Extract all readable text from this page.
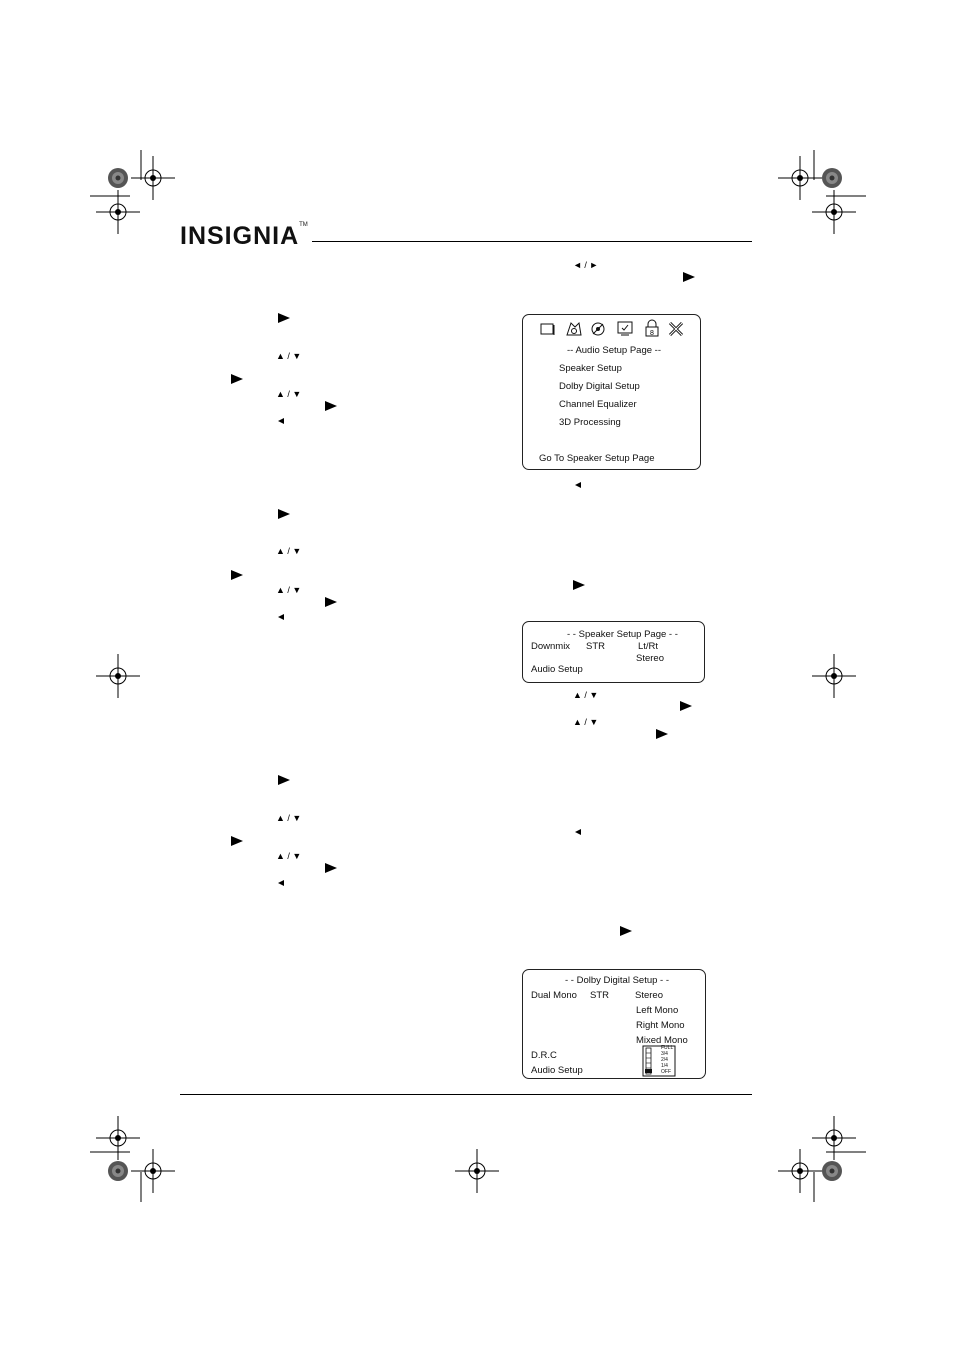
INSIGNIA™
▲ / ▼
▲ / ▼
▲ / ▼
▲ / ▼
▲ / ▼
▲ / ▼
◄ / ►
▲ / ▼
▲ / ▼
8
-- Audio Setup Page --
Speaker Setup
Dolby Digital Setup
Channel Equalizer
3D Processing
Go To Speaker Setup Page
- - Speaker Setup Page - -
Downmix STR	Lt/Rt
Stereo
Audio Setup
- - Dolby Digital Setup - -
Dual Mono STR	Stereo
Left Mono
Right Mono
Mixed Mono
D.R.C
Audio Setup
FULL
3/4
2/4
1/4
OFF
